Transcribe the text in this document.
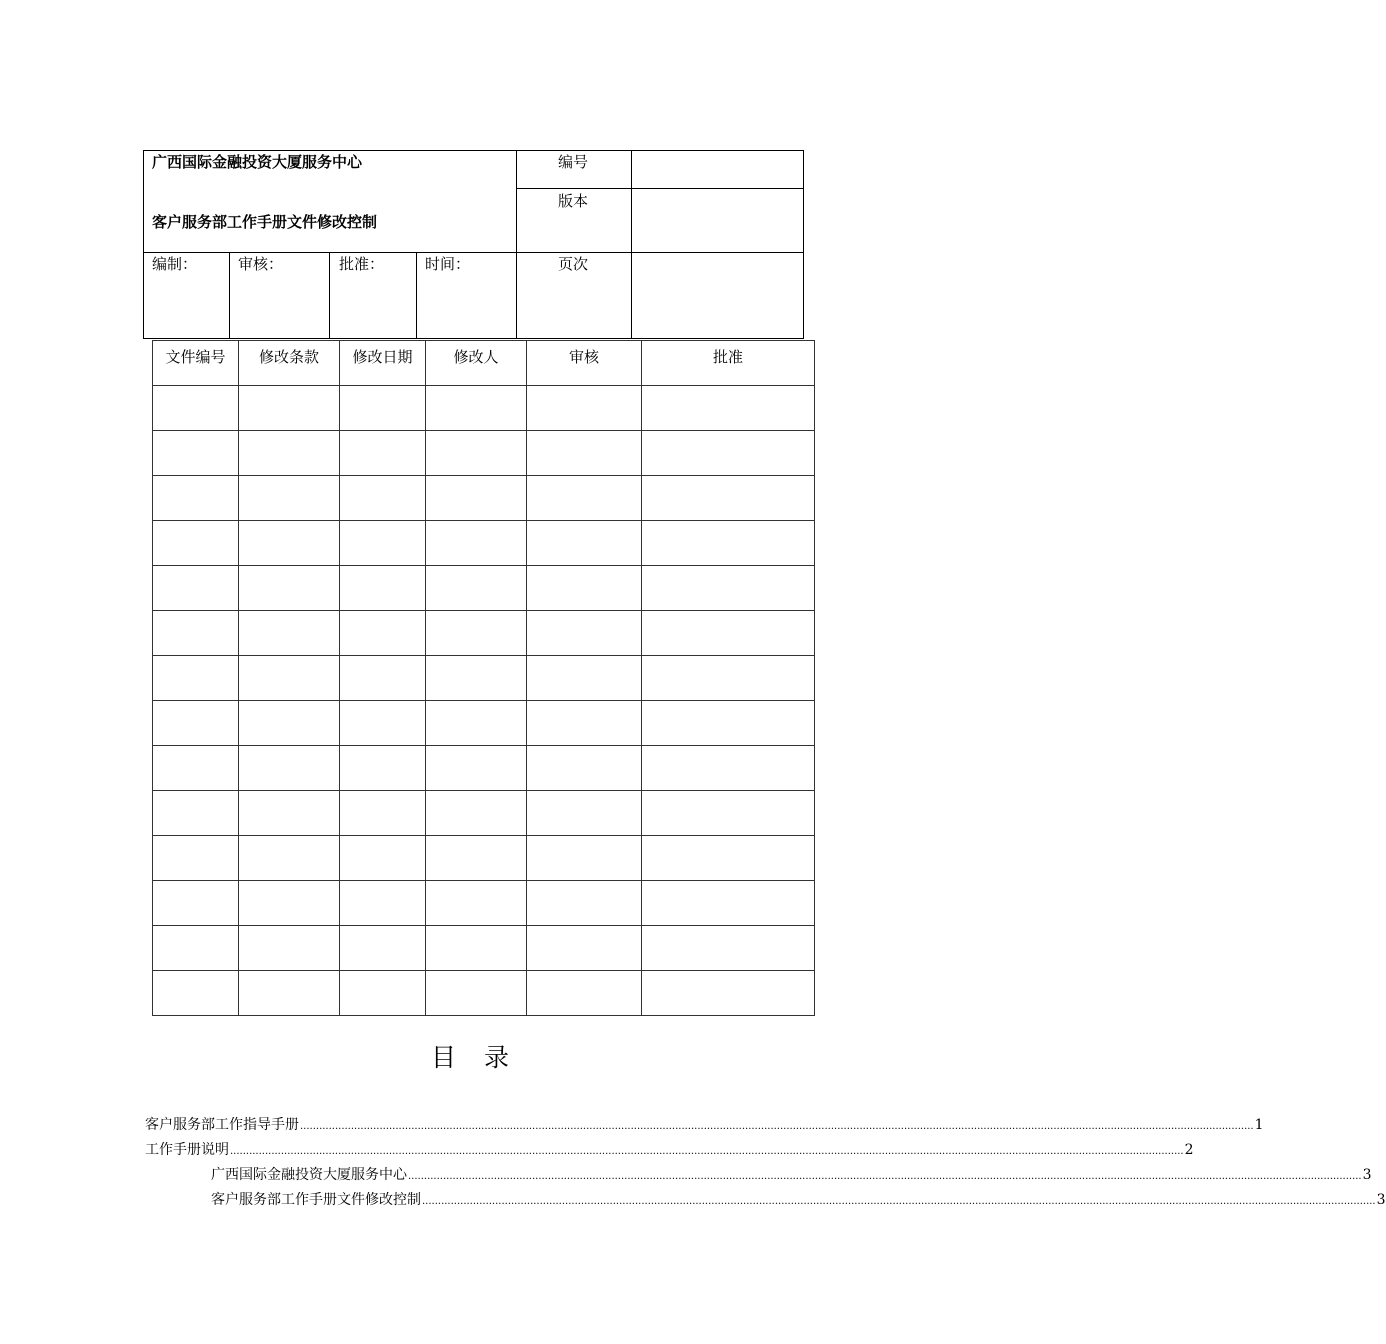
广西国际金融投资大厦服务中心
客户服务部工作手册文件修改控制
编号
版本
编制：	审核：	批准：	时间：	页次
文件编号	修改条款	修改日期	修改人	审核	批准

目 录
客户服务部工作指导手册 ............................................................................................................................................................................................................................................................................................................ 1
工作手册说明 ............................................................................................................................................................................................................................................................................................................ 2
广西国际金融投资大厦服务中心 ............................................................................................................................................................................................................................................................................................................ 3
客户服务部工作手册文件修改控制 ............................................................................................................................................................................................................................................................................................................ 3
